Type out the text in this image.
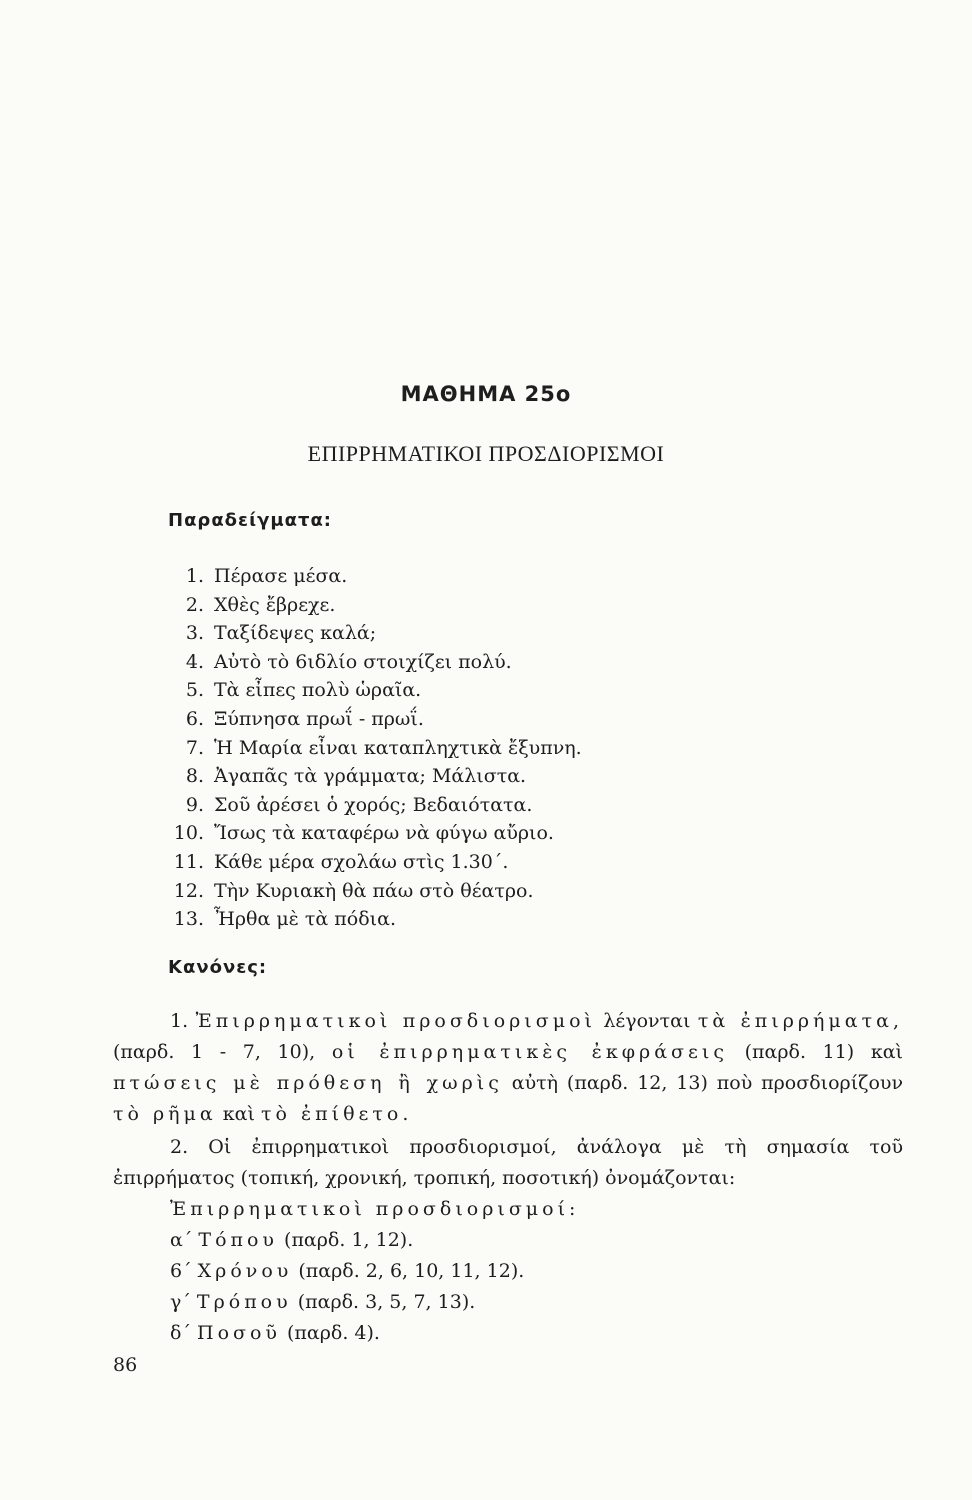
ΜΑΘΗΜΑ 25ο
ΕΠΙΡΡΗΜΑΤΙΚΟΙ ΠΡΟΣΔΙΟΡΙΣΜΟΙ
Παραδείγματα:
1. Πέρασε μέσα.
2. Χθὲς ἔβρεχε.
3. Ταξίδεψες καλά;
4. Αὐτὸ τὸ 6ιδλίο στοιχίζει πολύ.
5. Τὰ εἶπες πολὺ ὡραῖα.
6. Ξύπνησα πρωΐ - πρωΐ.
7. Ἡ Μαρία εἶναι καταπληχτικὰ ἔξυπνη.
8. Ἀγαπᾶς τὰ γράμματα; Μάλιστα.
9. Σοῦ ἀρέσει ὁ χορός; Βεδαιότατα.
10. Ἴσως τὰ καταφέρω νὰ φύγω αὔριο.
11. Κάθε μέρα σχολάω στὶς 1.30΄.
12. Τὴν Κυριακὴ θὰ πάω στὸ θέατρο.
13. Ἦρθα μὲ τὰ πόδια.
Κανόνες:

1. Ἐπιρρηματικοὶ προσδιορισμοὶ λέγονται τὰ ἐπιρρήματα, (παρδ. 1 - 7, 10), οἱ ἐπιρρηματικὲς ἐκφράσεις (παρδ. 11) καὶ πτώσεις μὲ πρόθεση ἢ χωρὶς αὐτὴ (παρδ. 12, 13) ποὺ προσδιορίζουν τὸ ρῆμα καὶ τὸ ἐπίθετο.

2. Οἱ ἐπιρρηματικοὶ προσδιορισμοί, ἀνάλογα μὲ τὴ σημασία τοῦ ἐπιρρήματος (τοπική, χρονική, τροπική, ποσοτική) ὀνομάζονται:

Ἐπιρρηματικοὶ προσδιορισμοί:

α΄ Τόπου (παρδ. 1, 12).
6΄ Χρόνου (παρδ. 2, 6, 10, 11, 12).
γ΄ Τρόπου (παρδ. 3, 5, 7, 13).
δ΄ Ποσοῦ (παρδ. 4).
86
